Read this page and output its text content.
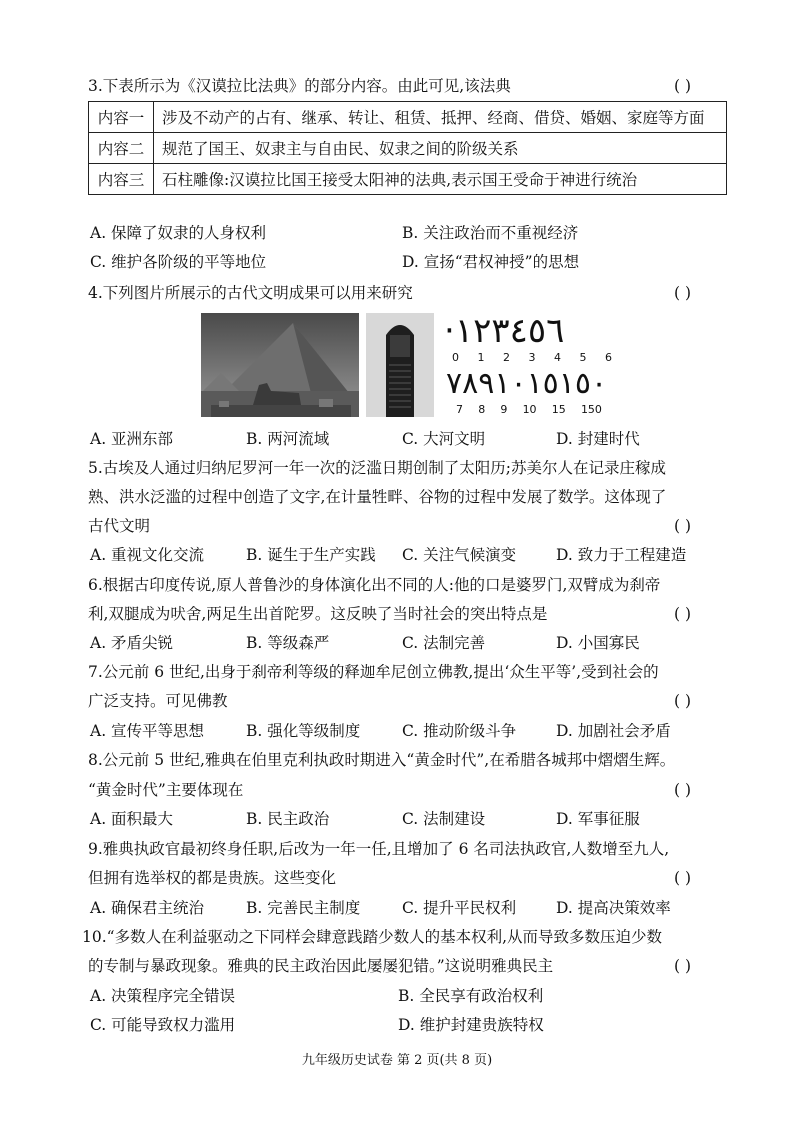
3.下表所示为《汉谟拉比法典》的部分内容。由此可见,该法典	( )
内容一	涉及不动产的占有、继承、转让、租赁、抵押、经商、借贷、婚姻、家庭等方面
内容二	规范了国王、奴隶主与自由民、奴隶之间的阶级关系
内容三	石柱雕像:汉谟拉比国王接受太阳神的法典,表示国王受命于神进行统治
A. 保障了奴隶的人身权利	B. 关注政治而不重视经济
C. 维护各阶级的平等地位	D. 宣扬“君权神授”的思想
4.下列图片所展示的古代文明成果可以用来研究	( )
·١٢٣٤٥٦
0 1 2 3 4 5 6
٧٨٩١٠١٥١٥٠
7 8 9 10 15 150
A. 亚洲东部	B. 两河流域	C. 大河文明	D. 封建时代
5.古埃及人通过归纳尼罗河一年一次的泛滥日期创制了太阳历;苏美尔人在记录庄稼成
熟、洪水泛滥的过程中创造了文字,在计量牲畔、谷物的过程中发展了数学。这体现了
古代文明	( )
A. 重视文化交流	B. 诞生于生产实践 C. 关注气候演变	D. 致力于工程建造
6.根据古印度传说,原人普鲁沙的身体演化出不同的人:他的口是婆罗门,双臂成为刹帝
利,双腿成为吠舍,两足生出首陀罗。这反映了当时社会的突出特点是	( )
A. 矛盾尖锐	B. 等级森严	C. 法制完善	D. 小国寡民
7.公元前 6 世纪,出身于刹帝利等级的释迦牟尼创立佛教,提出‘众生平等’,受到社会的
广泛支持。可见佛教	( )
A. 宣传平等思想	B. 强化等级制度	C. 推动阶级斗争	D. 加剧社会矛盾
8.公元前 5 世纪,雅典在伯里克利执政时期进入“黄金时代”,在希腊各城邦中熠熠生辉。
“黄金时代”主要体现在	( )
A. 面积最大	B. 民主政治	C. 法制建设	D. 军事征服
9.雅典执政官最初终身任职,后改为一年一任,且增加了 6 名司法执政官,人数增至九人,
但拥有选举权的都是贵族。这些变化	( )
A. 确保君主统治	B. 完善民主制度	C. 提升平民权利	D. 提高决策效率
10.“多数人在利益驱动之下同样会肆意践踏少数人的基本权利,从而导致多数压迫少数
的专制与暴政现象。雅典的民主政治因此屡屡犯错。”这说明雅典民主	( )
A. 决策程序完全错误	B. 全民享有政治权利
C. 可能导致权力滥用	D. 维护封建贵族特权
九年级历史试卷 第 2 页(共 8 页)
